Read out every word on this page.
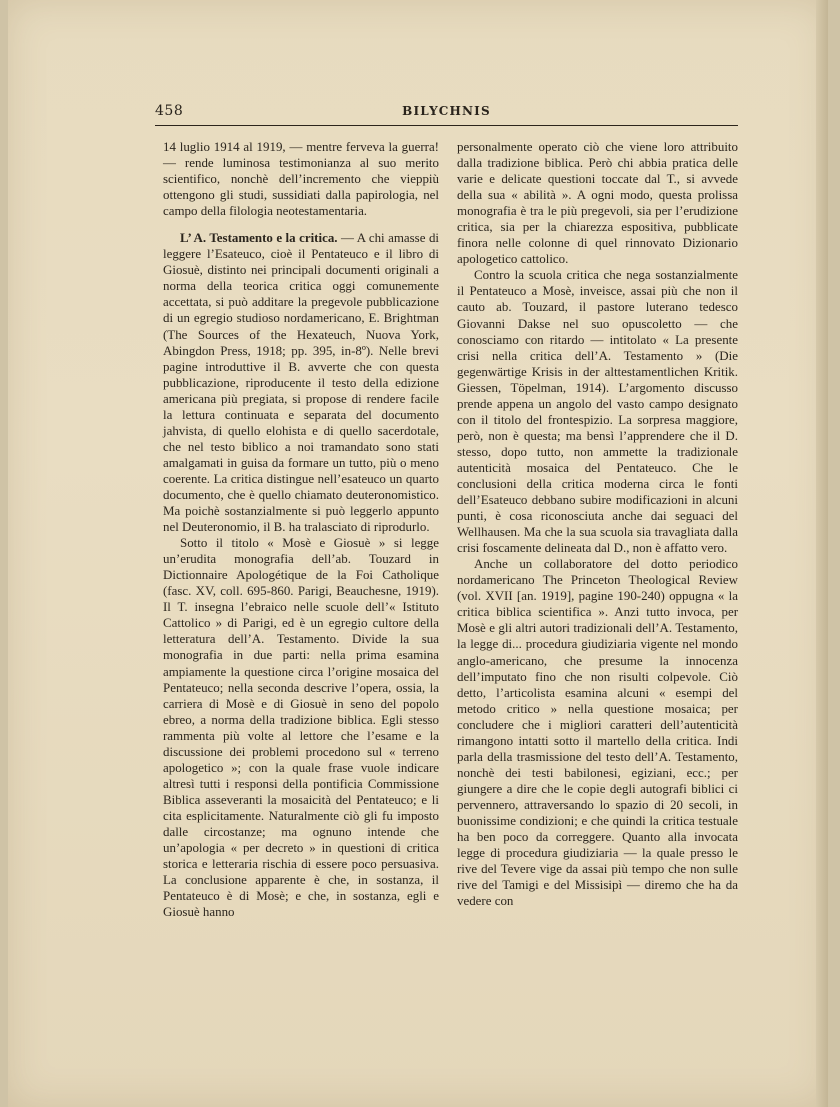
458	BILYCHNIS

14 luglio 1914 al 1919, — mentre ferveva la guerra! — rende luminosa testimonianza al suo merito scientifico, nonchè dell’incremento che vieppiù ottengono gli studi, sussidiati dalla papirologia, nel campo della filologia neotestamentaria.

L’ A. Testamento e la critica. — A chi amasse di leggere l’Esateuco, cioè il Pentateuco e il libro di Giosuè, distinto nei principali documenti originali a norma della teorica critica oggi comunemente accettata, si può additare la pregevole pubblicazione di un egregio studioso nordamericano, E. Brightman (The Sources of the Hexateuch, Nuova York, Abingdon Press, 1918; pp. 395, in-8º). Nelle brevi pagine introduttive il B. avverte che con questa pubblicazione, riproducente il testo della edizione americana più pregiata, si propose di rendere facile la lettura continuata e separata del documento jahvista, di quello elohista e di quello sacerdotale, che nel testo biblico a noi tramandato sono stati amalgamati in guisa da formare un tutto, più o meno coerente. La critica distingue nell’esateuco un quarto documento, che è quello chiamato deuteronomistico. Ma poichè sostanzialmente si può leggerlo appunto nel Deuteronomio, il B. ha tralasciato di riprodurlo.

Sotto il titolo « Mosè e Giosuè » si legge un’erudita monografia dell’ab. Touzard in Dictionnaire Apologétique de la Foi Catholique (fasc. XV, coll. 695-860. Parigi, Beauchesne, 1919). Il T. insegna l’ebraico nelle scuole dell’« Istituto Cattolico » di Parigi, ed è un egregio cultore della letteratura dell’A. Testamento. Divide la sua monografia in due parti: nella prima esamina ampiamente la questione circa l’origine mosaica del Pentateuco; nella seconda descrive l’opera, ossia, la carriera di Mosè e di Giosuè in seno del popolo ebreo, a norma della tradizione biblica. Egli stesso rammenta più volte al lettore che l’esame e la discussione dei problemi procedono sul « terreno apologetico »; con la quale frase vuole indicare altresì tutti i responsi della pontificia Commissione Biblica asseveranti la mosaicità del Pentateuco; e li cita esplicitamente. Naturalmente ciò gli fu imposto dalle circostanze; ma ognuno intende che un’apologia « per decreto » in questioni di critica storica e letteraria rischia di essere poco persuasiva. La conclusione apparente è che, in sostanza, il Pentateuco è di Mosè; e che, in sostanza, egli e Giosuè hanno

personalmente operato ciò che viene loro attribuito dalla tradizione biblica. Però chi abbia pratica delle varie e delicate questioni toccate dal T., si avvede della sua « abilità ». A ogni modo, questa prolissa monografia è tra le più pregevoli, sia per l’erudizione critica, sia per la chiarezza espositiva, pubblicate finora nelle colonne di quel rinnovato Dizionario apologetico cattolico.

Contro la scuola critica che nega sostanzialmente il Pentateuco a Mosè, inveisce, assai più che non il cauto ab. Touzard, il pastore luterano tedesco Giovanni Dakse nel suo opuscoletto — che conosciamo con ritardo — intitolato « La presente crisi nella critica dell’A. Testamento » (Die gegenwärtige Krisis in der alttestamentlichen Kritik. Giessen, Töpelman, 1914). L’argomento discusso prende appena un angolo del vasto campo designato con il titolo del frontespizio. La sorpresa maggiore, però, non è questa; ma bensì l’apprendere che il D. stesso, dopo tutto, non ammette la tradizionale autenticità mosaica del Pentateuco. Che le conclusioni della critica moderna circa le fonti dell’Esateuco debbano subire modificazioni in alcuni punti, è cosa riconosciuta anche dai seguaci del Wellhausen. Ma che la sua scuola sia travagliata dalla crisi foscamente delineata dal D., non è affatto vero.

Anche un collaboratore del dotto periodico nordamericano The Princeton Theological Review (vol. XVII [an. 1919], pagine 190-240) oppugna « la critica biblica scientifica ». Anzi tutto invoca, per Mosè e gli altri autori tradizionali dell’A. Testamento, la legge di... procedura giudiziaria vigente nel mondo anglo-americano, che presume la innocenza dell’imputato fino che non risulti colpevole. Ciò detto, l’articolista esamina alcuni « esempi del metodo critico » nella questione mosaica; per concludere che i migliori caratteri dell’autenticità rimangono intatti sotto il martello della critica. Indi parla della trasmissione del testo dell’A. Testamento, nonchè dei testi babilonesi, egiziani, ecc.; per giungere a dire che le copie degli autografi biblici ci pervennero, attraversando lo spazio di 20 secoli, in buonissime condizioni; e che quindi la critica testuale ha ben poco da correggere. Quanto alla invocata legge di procedura giudiziaria — la quale presso le rive del Tevere vige da assai più tempo che non sulle rive del Tamigi e del Missisipì — diremo che ha da vedere con
